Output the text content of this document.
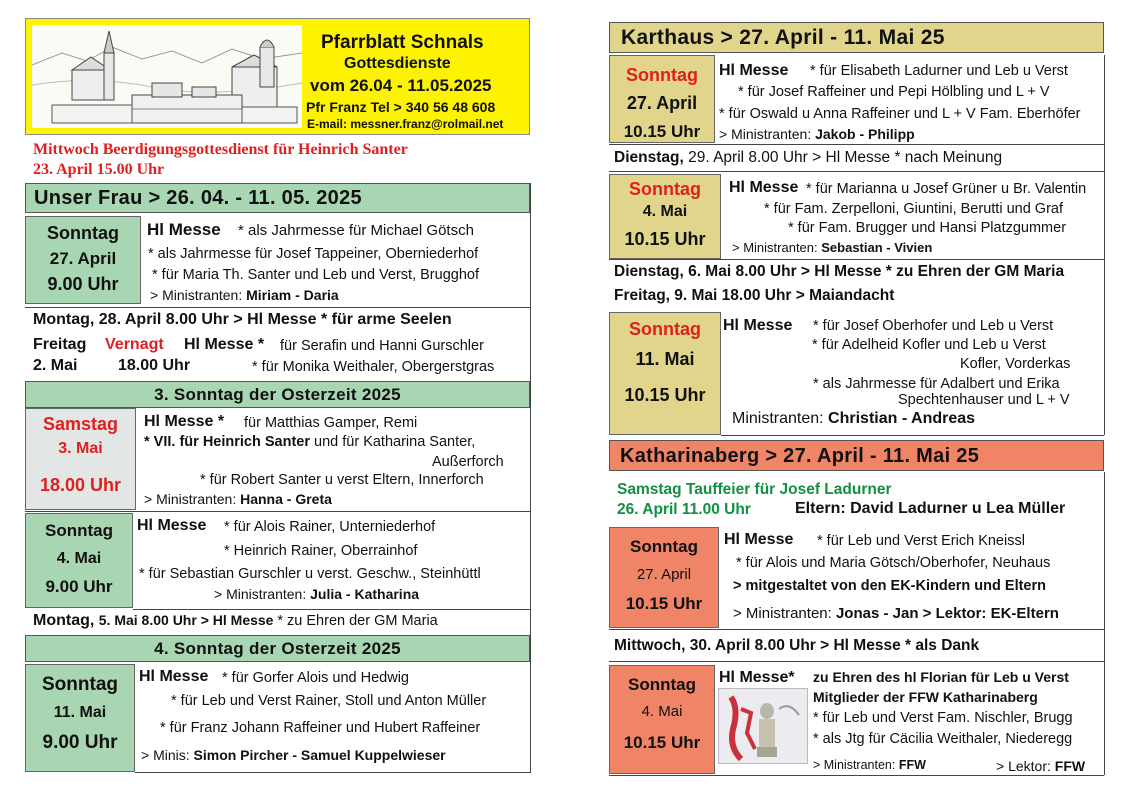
Pfarrblatt Schnals
Gottesdienste
vom 26.04 - 11.05.2025
Pfr Franz Tel > 340 56 48 608
E-mail: messner.franz@rolmail.net
Mittwoch Beerdigungsgottesdienst für Heinrich Santer
23. April 15.00 Uhr
Unser Frau > 26. 04. - 11. 05. 2025
Sonntag
27. April
9.00 Uhr
Hl Messe * als Jahrmesse für Michael Götsch
* als Jahrmesse für Josef Tappeiner, Oberniederhof
* für Maria Th. Santer und Leb und Verst, Brugghof
> Ministranten: Miriam - Daria
Montag, 28. April 8.00 Uhr > Hl Messe * für arme Seelen
Freitag Vernagt Hl Messe * für Serafin und Hanni Gurschler
2. Mai	18.00 Uhr	* für Monika Weithaler, Obergerstgras
3. Sonntag der Osterzeit 2025
Samstag
3. Mai
18.00 Uhr
Hl Messe * für Matthias Gamper, Remi
* VII. für Heinrich Santer und für Katharina Santer,
Außerforch
* für Robert Santer u verst Eltern, Innerforch
> Ministranten: Hanna - Greta
Sonntag
4. Mai
9.00 Uhr
Hl Messe * für Alois Rainer, Unterniederhof
* Heinrich Rainer, Oberrainhof
* für Sebastian Gurschler u verst. Geschw., Steinhüttl
> Ministranten: Julia - Katharina
Montag, 5. Mai 8.00 Uhr > Hl Messe * zu Ehren der GM Maria
4. Sonntag der Osterzeit 2025
Sonntag
11. Mai
9.00 Uhr
Hl Messe * für Gorfer Alois und Hedwig
* für Leb und Verst Rainer, Stoll und Anton Müller
* für Franz Johann Raffeiner und Hubert Raffeiner
> Minis: Simon Pircher - Samuel Kuppelwieser
Karthaus > 27. April - 11. Mai 25
Sonntag
27. April
10.15 Uhr
Hl Messe * für Elisabeth Ladurner und Leb u Verst
* für Josef Raffeiner und Pepi Hölbling und L + V
* für Oswald u Anna Raffeiner und L + V Fam. Eberhöfer
> Ministranten: Jakob - Philipp
Dienstag, 29. April 8.00 Uhr > Hl Messe * nach Meinung
Sonntag
4. Mai
10.15 Uhr
Hl Messe * für Marianna u Josef Grüner u Br. Valentin
* für Fam. Zerpelloni, Giuntini, Berutti und Graf
* für Fam. Brugger und Hansi Platzgummer
> Ministranten: Sebastian - Vivien
Dienstag, 6. Mai 8.00 Uhr > Hl Messe * zu Ehren der GM Maria
Freitag, 9. Mai 18.00 Uhr > Maiandacht
Sonntag
11. Mai
10.15 Uhr
Hl Messe * für Josef Oberhofer und Leb u Verst
* für Adelheid Kofler und Leb u Verst
Kofler, Vorderkas
* als Jahrmesse für Adalbert und Erika
Spechtenhauser und L + V
Ministranten: Christian - Andreas
Katharinaberg > 27. April - 11. Mai 25
Samstag Tauffeier für Josef Ladurner
26. April 11.00 Uhr	Eltern: David Ladurner u Lea Müller
Sonntag
27. April
10.15 Uhr
Hl Messe * für Leb und Verst Erich Kneissl
* für Alois und Maria Götsch/Oberhofer, Neuhaus
> mitgestaltet von den EK-Kindern und Eltern
> Ministranten: Jonas - Jan > Lektor: EK-Eltern
Mittwoch, 30. April 8.00 Uhr > Hl Messe * als Dank
Sonntag
4. Mai
10.15 Uhr
Hl Messe* zu Ehren des hl Florian für Leb u Verst
Mitglieder der FFW Katharinaberg
* für Leb und Verst Fam. Nischler, Brugg
* als Jtg für Cäcilia Weithaler, Niederegg
> Ministranten: FFW	> Lektor: FFW
